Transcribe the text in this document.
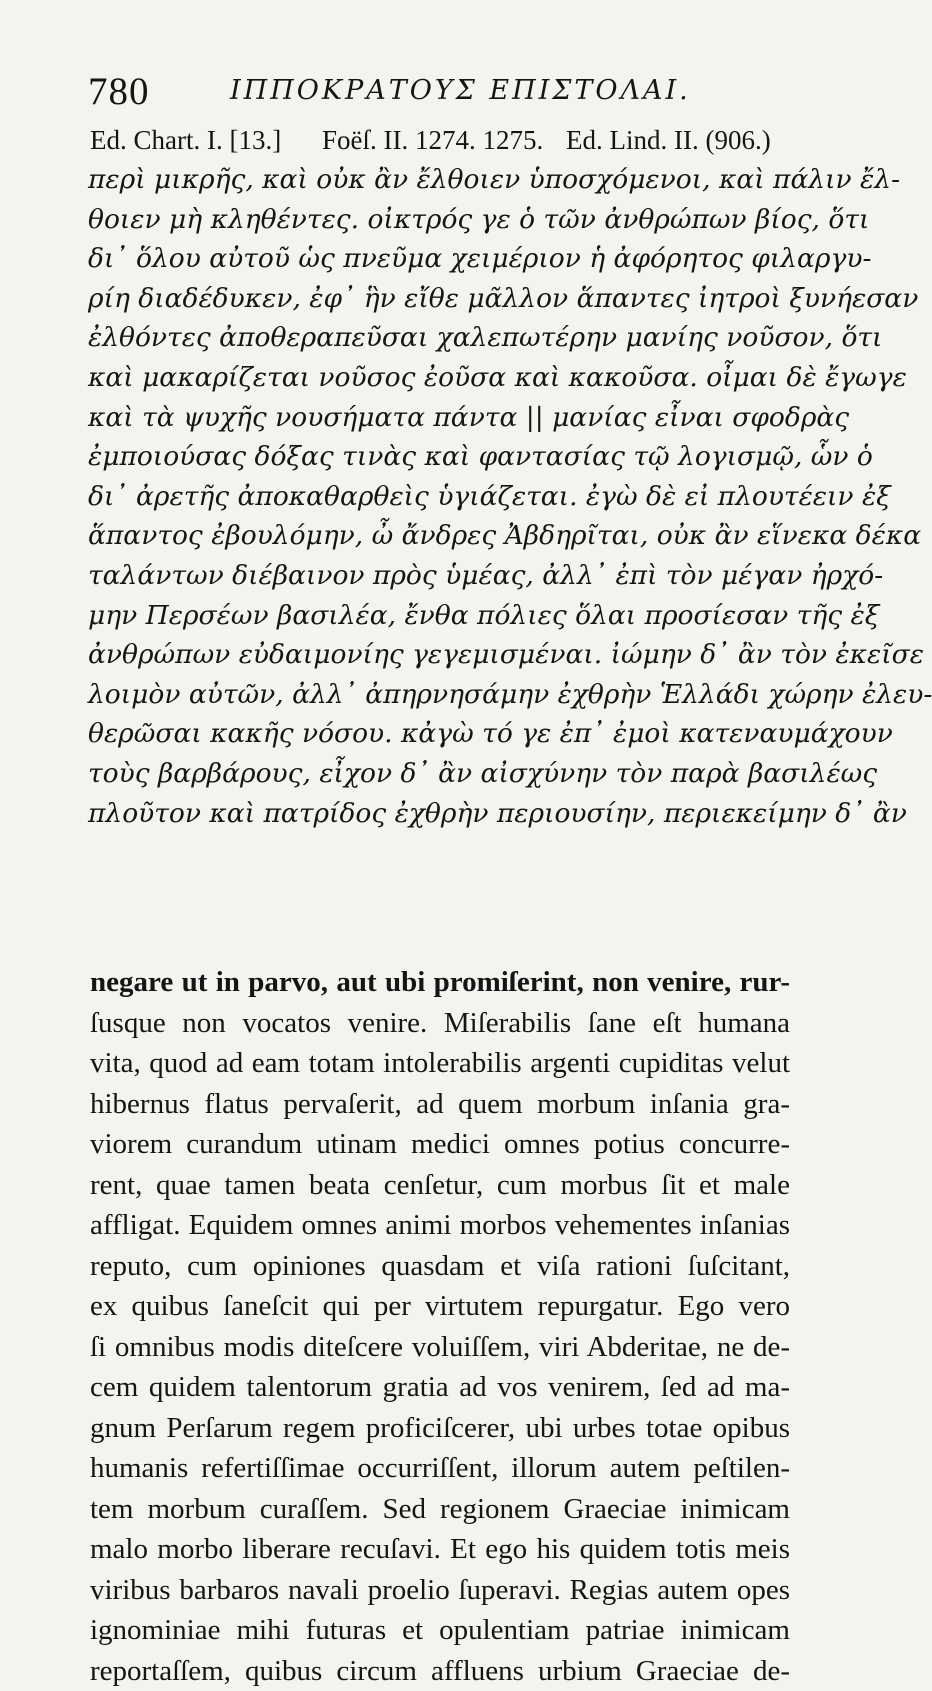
780	ΙΠΠΟΚΡΑΤΟΥΣ ΕΠΙΣΤΟΛΑΙ.
Ed. Chart. I. [13.] Foëſ. II. 1274. 1275. Ed. Lind. II. (906.)
περὶ μικρῆς, καὶ οὐκ ἂν ἔλθοιεν ὑποσχόμενοι, καὶ πάλιν ἔλ-
θοιεν μὴ κληθέντες. οἰκτρός γε ὁ τῶν ἀνθρώπων βίος, ὅτι
δι᾽ ὅλου αὐτοῦ ὡς πνεῦμα χειμέριον ἡ ἀφόρητος φιλαργυ-
ρίη διαδέδυκεν, ἐφ᾽ ἣν εἴθε μᾶλλον ἅπαντες ἰητροὶ ξυνήεσαν
ἐλθόντες ἀποθεραπεῦσαι χαλεπωτέρην μανίης νοῦσον, ὅτι
καὶ μακαρίζεται νοῦσος ἐοῦσα καὶ κακοῦσα. οἶμαι δὲ ἔγωγε
καὶ τὰ ψυχῆς νουσήματα πάντα || μανίας εἶναι σφοδρὰς
ἐμποιούσας δόξας τινὰς καὶ φαντασίας τῷ λογισμῷ, ὧν ὁ
δι᾽ ἀρετῆς ἀποκαθαρθεὶς ὑγιάζεται. ἐγὼ δὲ εἰ πλουτέειν ἐξ
ἅπαντος ἐβουλόμην, ὦ ἄνδρες Ἀβδηρῖται, οὐκ ἂν εἵνεκα δέκα
ταλάντων διέβαινον πρὸς ὑμέας, ἀλλ᾽ ἐπὶ τὸν μέγαν ἠρχό-
μην Περσέων βασιλέα, ἔνθα πόλιες ὅλαι προσίεσαν τῆς ἐξ
ἀνθρώπων εὐδαιμονίης γεγεμισμέναι. ἰώμην δ᾽ ἂν τὸν ἐκεῖσε
λοιμὸν αὐτῶν, ἀλλ᾽ ἀπηρνησάμην ἐχθρὴν Ἑλλάδι χώρην ἐλευ-
θερῶσαι κακῆς νόσου. κἀγὼ τό γε ἐπ᾽ ἐμοὶ κατεναυμάχουν
τοὺς βαρβάρους, εἶχον δ᾽ ἂν αἰσχύνην τὸν παρὰ βασιλέως
πλοῦτον καὶ πατρίδος ἐχθρὴν περιουσίην, περιεκείμην δ᾽ ἂν
negare ut in parvo, aut ubi promiſerint, non venire, rur-
ſusque non vocatos venire. Miſerabilis ſane eſt humana
vita, quod ad eam totam intolerabilis argenti cupiditas velut
hibernus flatus pervaſerit, ad quem morbum inſania gra-
viorem curandum utinam medici omnes potius concurre-
rent, quae tamen beata cenſetur, cum morbus ſit et male
affligat. Equidem omnes animi morbos vehementes inſanias
reputo, cum opiniones quasdam et viſa rationi ſuſcitant,
ex quibus ſaneſcit qui per virtutem repurgatur. Ego vero
ſi omnibus modis diteſcere voluiſſem, viri Abderitae, ne de-
cem quidem talentorum gratia ad vos venirem, ſed ad ma-
gnum Perſarum regem proficiſcerer, ubi urbes totae opibus
humanis refertiſſimae occurriſſent, illorum autem peſtilen-
tem morbum curaſſem. Sed regionem Graeciae inimicam
malo morbo liberare recuſavi. Et ego his quidem totis meis
viribus barbaros navali proelio ſuperavi. Regias autem opes
ignominiae mihi futuras et opulentiam patriae inimicam
reportaſſem, quibus circum affluens urbium Graeciae de-
